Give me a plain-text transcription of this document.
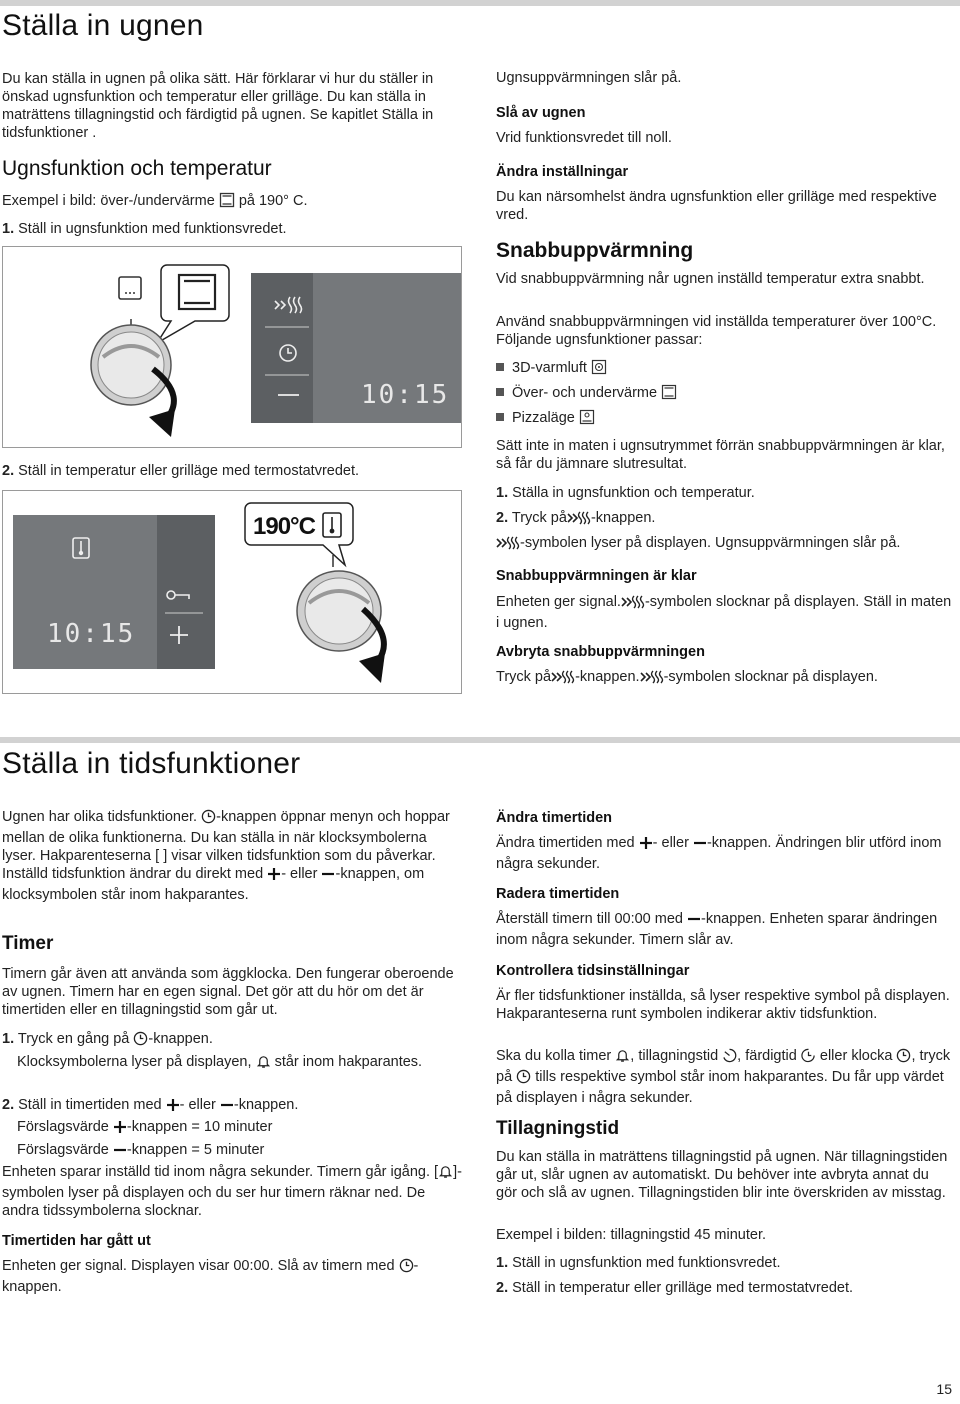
Ställa in ugnen

Du kan ställa in ugnen på olika sätt. Här förklarar vi hur du ställer in önskad ugnsfunktion och temperatur eller grilläge. Du kan ställa in maträttens tillagningstid och färdigtid på ugnen. Se kapitlet Ställa in tidsfunktioner .

Ugnsfunktion och temperatur

Exempel i bild: över-/undervärme på 190° C.

1. Ställ in ugnsfunktion med funktionsvredet.

10:15

2. Ställ in temperatur eller grilläge med termostatvredet.

190°C
10:15

Ugnsuppvärmningen slår på.

Slå av ugnen

Vrid funktionsvredet till noll.

Ändra inställningar

Du kan närsomhelst ändra ugnsfunktion eller grilläge med respektive vred.

Snabbuppvärmning

Vid snabbuppvärmning når ugnen inställd temperatur extra snabbt.

Använd snabbuppvärmningen vid inställda temperaturer över 100°C. Följande ugnsfunktioner passar:

3D-varmluft

Över- och undervärme

Pizzaläge

Sätt inte in maten i ugnsutrymmet förrän snabbuppvärmningen är klar, så får du jämnare slutresultat.

1. Ställa in ugnsfunktion och temperatur.

2. Tryck på -knappen.

-symbolen lyser på displayen. Ugnsuppvärmningen slår på.

Snabbuppvärmningen är klar

Enheten ger signal. -symbolen slocknar på displayen. Ställ in maten i ugnen.

Avbryta snabbuppvärmningen

Tryck på -knappen. -symbolen slocknar på displayen.

Ställa in tidsfunktioner

Ugnen har olika tidsfunktioner. -knappen öppnar menyn och hoppar mellan de olika funktionerna. Du kan ställa in när klocksymbolerna lyser. Hakparenteserna [ ] visar vilken tidsfunktion som du påverkar. Inställd tidsfunktion ändrar du direkt med - eller -knappen, om klocksymbolen står inom hakparantes.

Timer

Timern går även att använda som äggklocka. Den fungerar oberoende av ugnen. Timern har en egen signal. Det gör att du hör om det är timertiden eller en tillagningstid som går ut.

1. Tryck en gång på -knappen.

Klocksymbolerna lyser på displayen, står inom hakparantes.

2. Ställ in timertiden med - eller -knappen.

Förslagsvärde -knappen = 10 minuter

Förslagsvärde -knappen = 5 minuter

Enheten sparar inställd tid inom några sekunder. Timern går igång. [ ]-symbolen lyser på displayen och du ser hur timern räknar ned. De andra tidssymbolerna slocknar.

Timertiden har gått ut

Enheten ger signal. Displayen visar 00:00. Slå av timern med -knappen.

Ändra timertiden

Ändra timertiden med - eller -knappen. Ändringen blir utförd inom några sekunder.

Radera timertiden

Återställ timern till 00:00 med -knappen. Enheten sparar ändringen inom några sekunder. Timern slår av.

Kontrollera tidsinställningar

Är fler tidsfunktioner inställda, så lyser respektive symbol på displayen. Hakparanteserna runt symbolen indikerar aktiv tidsfunktion.

Ska du kolla timer , tillagningstid , färdigtid eller klocka , tryck på tills respektive symbol står inom hakparantes. Du får upp värdet på displayen i några sekunder.

Tillagningstid

Du kan ställa in maträttens tillagningstid på ugnen. När tillagningstiden går ut, slår ugnen av automatiskt. Du behöver inte avbryta annat du gör och slå av ugnen. Tillagningstiden blir inte överskriden av misstag.

Exempel i bilden: tillagningstid 45 minuter.

1. Ställ in ugnsfunktion med funktionsvredet.

2. Ställ in temperatur eller grilläge med termostatvredet.

15
